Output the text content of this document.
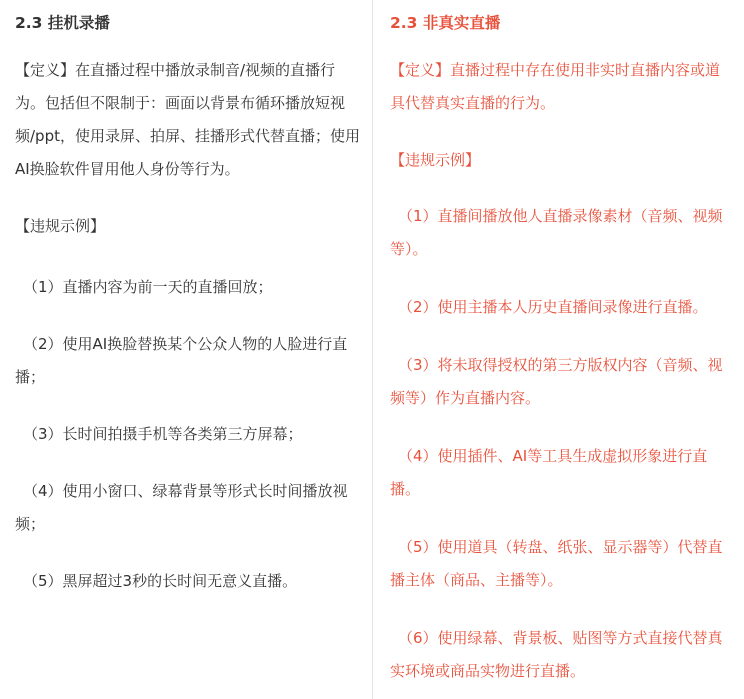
2.3 挂机录播

【定义】在直播过程中播放录制音/视频的直播行为。包括但不限制于：画面以背景布循环播放短视频/ppt，使用录屏、拍屏、挂播形式代替直播；使用AI换脸软件冒用他人身份等行为。

【违规示例】

（1）直播内容为前一天的直播回放；

（2）使用AI换脸替换某个公众人物的人脸进行直播；

（3）长时间拍摄手机等各类第三方屏幕；

（4）使用小窗口、绿幕背景等形式长时间播放视频；

（5）黑屏超过3秒的长时间无意义直播。

2.3 非真实直播

【定义】直播过程中存在使用非实时直播内容或道具代替真实直播的行为。

【违规示例】

（1）直播间播放他人直播录像素材（音频、视频等）。

（2）使用主播本人历史直播间录像进行直播。

（3）将未取得授权的第三方版权内容（音频、视频等）作为直播内容。

（4）使用插件、AI等工具生成虚拟形象进行直播。

（5）使用道具（转盘、纸张、显示器等）代替直播主体（商品、主播等）。

（6）使用绿幕、背景板、贴图等方式直接代替真实环境或商品实物进行直播。
